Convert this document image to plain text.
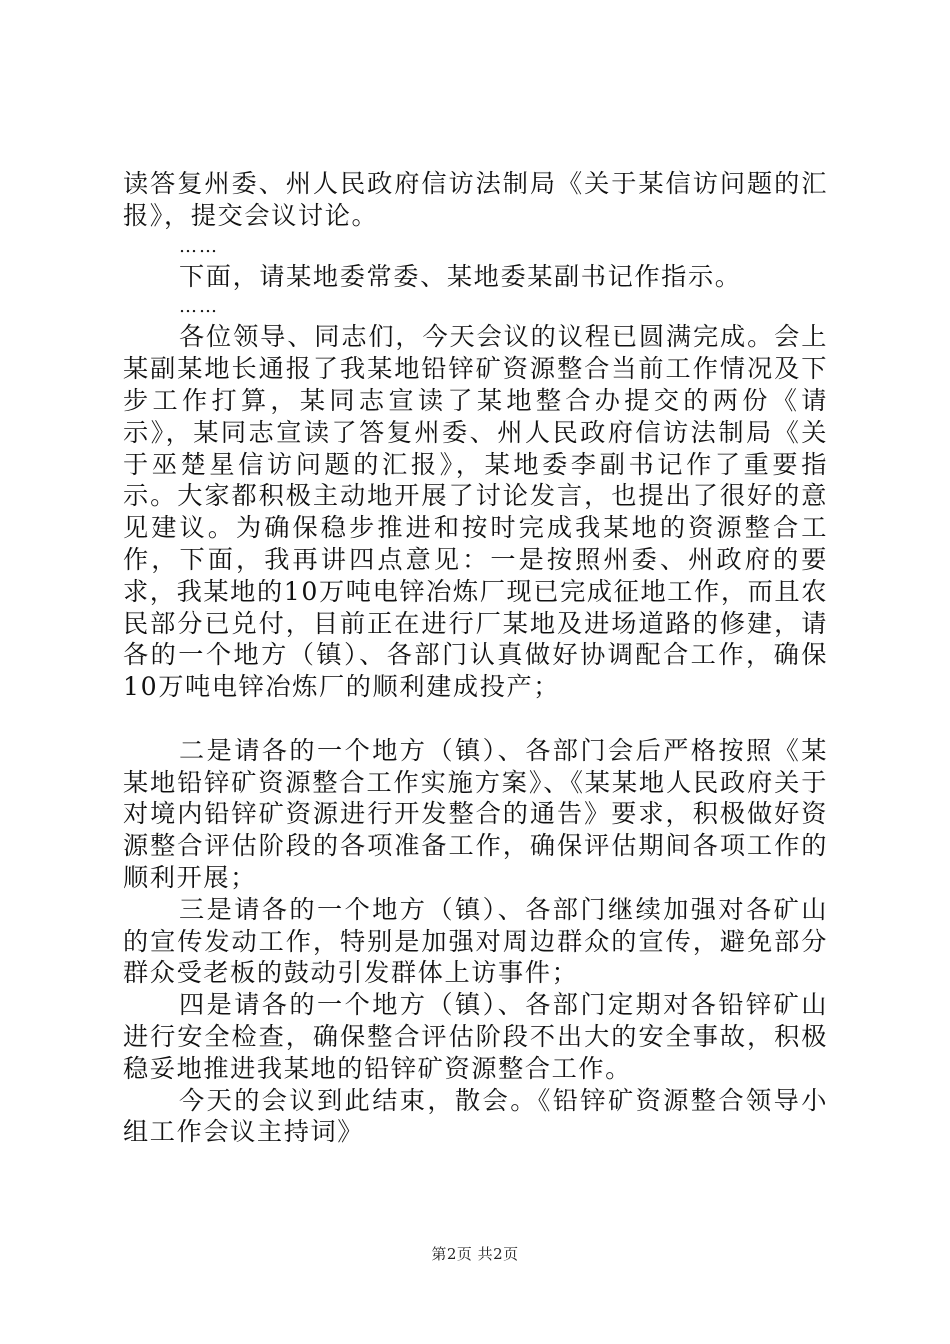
读答复州委、州人民政府信访法制局《关于某信访问题的汇报》，提交会议讨论。

……

下面，请某地委常委、某地委某副书记作指示。

……

各位领导、同志们，今天会议的议程已圆满完成。会上某副某地长通报了我某地铅锌矿资源整合当前工作情况及下步工作打算，某同志宣读了某地整合办提交的两份《请示》，某同志宣读了答复州委、州人民政府信访法制局《关于巫楚星信访问题的汇报》，某地委李副书记作了重要指示。大家都积极主动地开展了讨论发言，也提出了很好的意见建议。为确保稳步推进和按时完成我某地的资源整合工作，下面，我再讲四点意见：一是按照州委、州政府的要求，我某地的10万吨电锌冶炼厂现已完成征地工作，而且农民部分已兑付，目前正在进行厂某地及进场道路的修建，请各的一个地方（镇）、各部门认真做好协调配合工作，确保10万吨电锌冶炼厂的顺利建成投产；

二是请各的一个地方（镇）、各部门会后严格按照《某某地铅锌矿资源整合工作实施方案》、《某某地人民政府关于对境内铅锌矿资源进行开发整合的通告》要求，积极做好资源整合评估阶段的各项准备工作，确保评估期间各项工作的顺利开展；

三是请各的一个地方（镇）、各部门继续加强对各矿山的宣传发动工作，特别是加强对周边群众的宣传，避免部分群众受老板的鼓动引发群体上访事件；

四是请各的一个地方（镇）、各部门定期对各铅锌矿山进行安全检查，确保整合评估阶段不出大的安全事故，积极稳妥地推进我某地的铅锌矿资源整合工作。

今天的会议到此结束，散会。《铅锌矿资源整合领导小组工作会议主持词》

第2页 共2页
